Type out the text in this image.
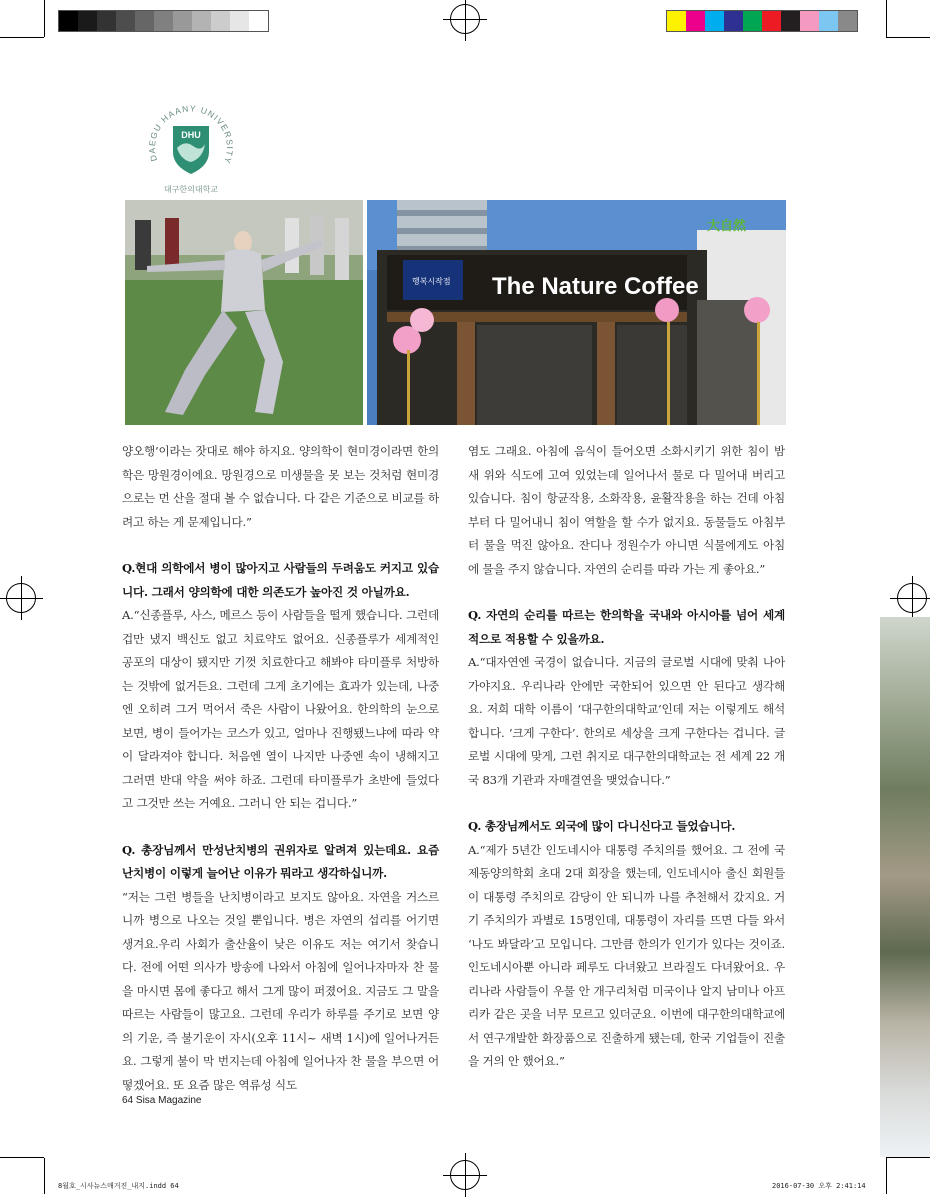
DAEGU HAANY UNIVERSITY
DHU
대구한의대학교
大自然
행복시작점 The Nature Coffee

양오행’이라는 잣대로 해야 하지요. 양의학이 현미경이라면 한의학은 망원경이에요. 망원경으로 미생물을 못 보는 것처럼 현미경으로는 먼 산을 절대 볼 수 없습니다. 다 같은 기준으로 비교를 하려고 하는 게 문제입니다.”

Q.현대 의학에서 병이 많아지고 사람들의 두려움도 커지고 있습니다. 그래서 양의학에 대한 의존도가 높아진 것 아닐까요.

A.“신종플루, 사스, 메르스 등이 사람들을 떨게 했습니다. 그런데 겁만 냈지 백신도 없고 치료약도 없어요. 신종플루가 세계적인 공포의 대상이 됐지만 기껏 치료한다고 해봐야 타미플루 처방하는 것밖에 없거든요. 그런데 그게 초기에는 효과가 있는데, 나중엔 오히려 그거 먹어서 죽은 사람이 나왔어요. 한의학의 눈으로 보면, 병이 들어가는 코스가 있고, 얼마나 진행됐느냐에 따라 약이 달라져야 합니다. 처음엔 열이 나지만 나중엔 속이 냉해지고 그러면 반대 약을 써야 하죠. 그런데 타미플루가 초반에 들었다고 그것만 쓰는 거예요. 그러니 안 되는 겁니다.”

Q. 총장님께서 만성난치병의 권위자로 알려져 있는데요. 요즘 난치병이 이렇게 늘어난 이유가 뭐라고 생각하십니까.

“저는 그런 병들을 난치병이라고 보지도 않아요. 자연을 거스르니까 병으로 나오는 것일 뿐입니다. 병은 자연의 섭리를 어기면 생겨요.우리 사회가 출산율이 낮은 이유도 저는 여기서 찾습니다. 전에 어떤 의사가 방송에 나와서 아침에 일어나자마자 찬 물을 마시면 몸에 좋다고 해서 그게 많이 퍼졌어요. 지금도 그 말을 따르는 사람들이 많고요. 그런데 우리가 하루를 주기로 보면 양의 기운, 즉 불기운이 자시(오후 11시~ 새벽 1시)에 일어나거든요. 그렇게 불이 막 번지는데 아침에 일어나자 찬 물을 부으면 어떻겠어요. 또 요즘 많은 역류성 식도

염도 그래요. 아침에 음식이 들어오면 소화시키기 위한 침이 밤새 위와 식도에 고여 있었는데 일어나서 물로 다 밀어내 버리고 있습니다. 침이 항균작용, 소화작용, 윤활작용을 하는 건데 아침부터 다 밀어내니 침이 역할을 할 수가 없지요. 동물들도 아침부터 물을 먹진 않아요. 잔디나 정원수가 아니면 식물에게도 아침에 물을 주지 않습니다. 자연의 순리를 따라 가는 게 좋아요.”

Q. 자연의 순리를 따르는 한의학을 국내와 아시아를 넘어 세계적으로 적용할 수 있을까요.

A.“대자연엔 국경이 없습니다. 지금의 글로벌 시대에 맞춰 나아가야지요. 우리나라 안에만 국한되어 있으면 안 된다고 생각해요. 저희 대학 이름이 ‘대구한의대학교’인데 저는 이렇게도 해석합니다. ‘크게 구한다’. 한의로 세상을 크게 구한다는 겁니다. 글로벌 시대에 맞게, 그런 취지로 대구한의대학교는 전 세계 22 개국 83개 기관과 자매결연을 맺었습니다.”

Q. 총장님께서도 외국에 많이 다니신다고 들었습니다.

A.“제가 5년간 인도네시아 대통령 주치의를 했어요. 그 전에 국제동양의학회 초대 2대 회장을 했는데, 인도네시아 출신 회원들이 대통령 주치의로 감당이 안 되니까 나를 추천해서 갔지요. 거기 주치의가 과별로 15명인데, 대통령이 자리를 뜨면 다들 와서 ‘나도 봐달라’고 모입니다. 그만큼 한의가 인기가 있다는 것이죠. 인도네시아뿐 아니라 페루도 다녀왔고 브라질도 다녀왔어요. 우리나라 사람들이 우물 안 개구리처럼 미국이나 알지 남미나 아프리카 같은 곳을 너무 모르고 있더군요. 이번에 대구한의대학교에서 연구개발한 화장품으로 진출하게 됐는데, 한국 기업들이 진출을 거의 안 했어요.”

64 Sisa Magazine
8월호_시사뉴스매거진_내지.indd 64	2016-07-30 오후 2:41:14
